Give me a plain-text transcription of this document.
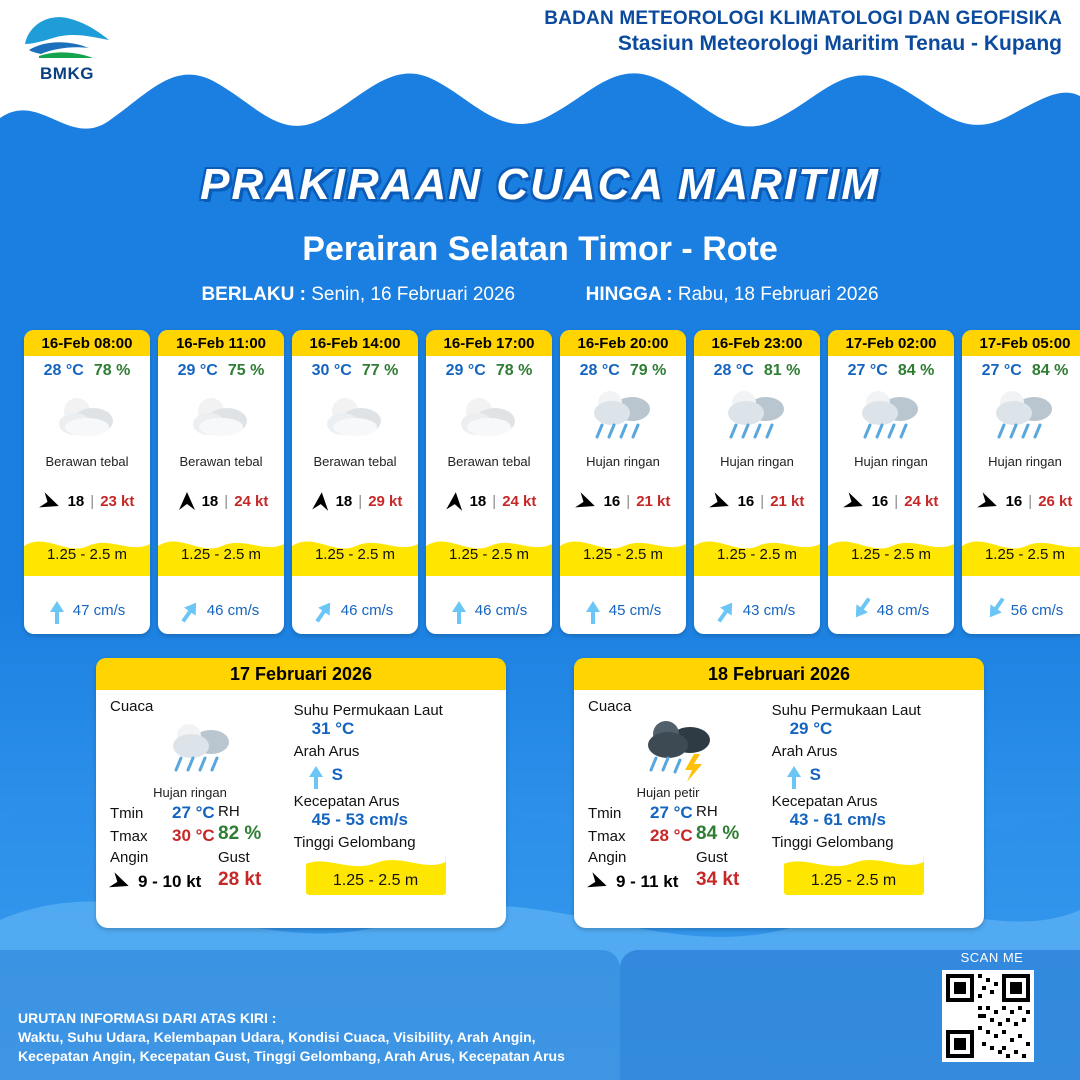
BMKG
BADAN METEOROLOGI KLIMATOLOGI DAN GEOFISIKA
Stasiun Meteorologi Maritim Tenau - Kupang
PRAKIRAAN CUACA MARITIM
Perairan Selatan Timor - Rote
BERLAKU : Senin, 16 Februari 2026	HINGGA : Rabu, 18 Februari 2026
16-Feb 08:00
28 °C 78 %
Berawan tebal
18 | 23 kt
1.25 - 2.5 m
47 cm/s
16-Feb 11:00
29 °C 75 %
Berawan tebal
18 | 24 kt
1.25 - 2.5 m
46 cm/s
16-Feb 14:00
30 °C 77 %
Berawan tebal
18 | 29 kt
1.25 - 2.5 m
46 cm/s
16-Feb 17:00
29 °C 78 %
Berawan tebal
18 | 24 kt
1.25 - 2.5 m
46 cm/s
16-Feb 20:00
28 °C 79 %
Hujan ringan
16 | 21 kt
1.25 - 2.5 m
45 cm/s
16-Feb 23:00
28 °C 81 %
Hujan ringan
16 | 21 kt
1.25 - 2.5 m
43 cm/s
17-Feb 02:00
27 °C 84 %
Hujan ringan
16 | 24 kt
1.25 - 2.5 m
48 cm/s
17-Feb 05:00
27 °C 84 %
Hujan ringan
16 | 26 kt
1.25 - 2.5 m
56 cm/s
17 Februari 2026
Cuaca
Hujan ringan
Tmin	27 °C
Tmax	30 °C
RH
82 %
Angin
9 - 10 kt
Gust
28 kt
Suhu Permukaan Laut
31 °C
Arah Arus
S
Kecepatan Arus
45 - 53 cm/s
Tinggi Gelombang
1.25 - 2.5 m
18 Februari 2026
Cuaca
Hujan petir
Tmin	27 °C
Tmax	28 °C
RH
84 %
Angin
9 - 11 kt
Gust
34 kt
Suhu Permukaan Laut
29 °C
Arah Arus
S
Kecepatan Arus
43 - 61 cm/s
Tinggi Gelombang
1.25 - 2.5 m
URUTAN INFORMASI DARI ATAS KIRI :
Waktu, Suhu Udara, Kelembapan Udara, Kondisi Cuaca, Visibility, Arah Angin,
Kecepatan Angin, Kecepatan Gust, Tinggi Gelombang, Arah Arus, Kecepatan Arus
SCAN ME
